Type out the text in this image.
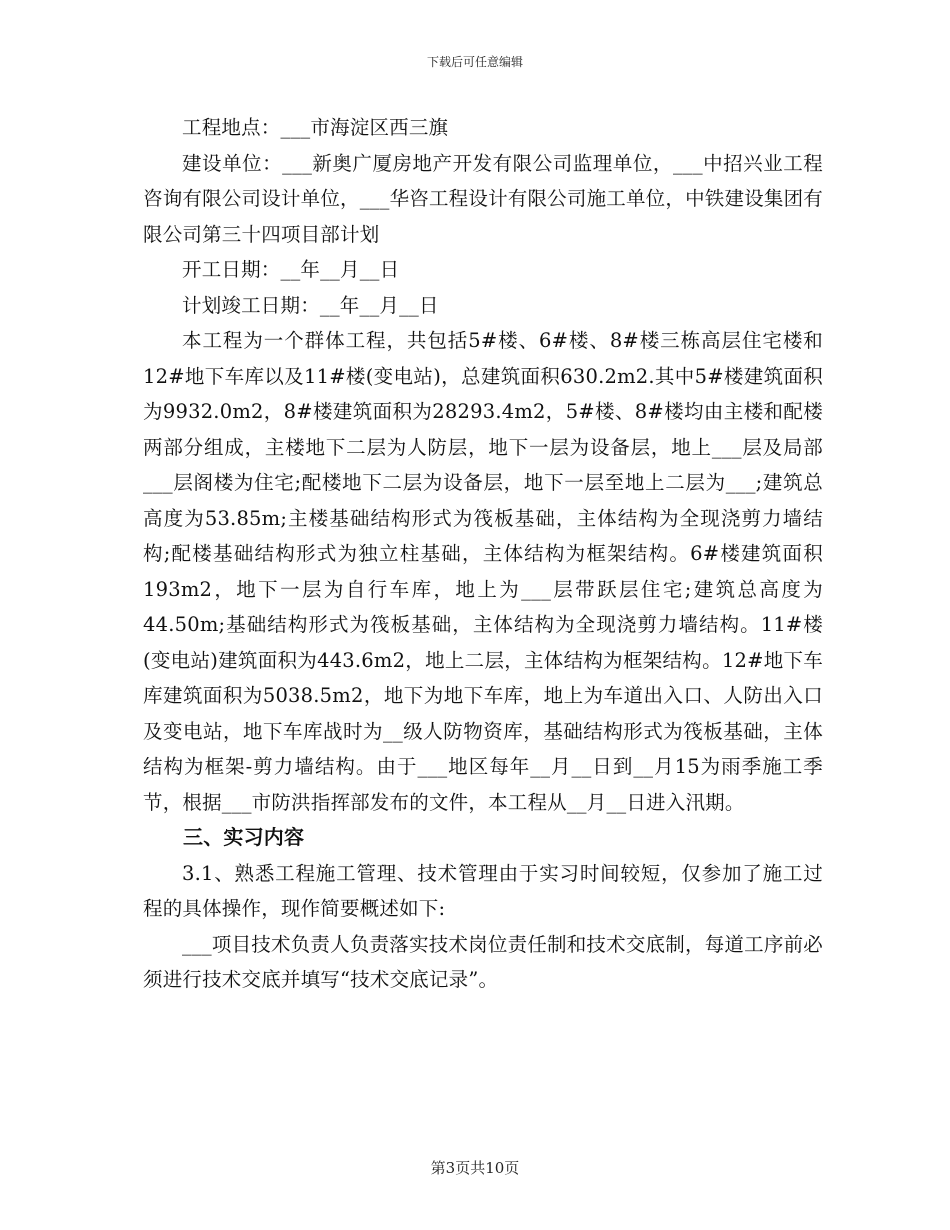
下载后可任意编辑

工程地点：___市海淀区西三旗

建设单位：___新奥广厦房地产开发有限公司监理单位，___中招兴业工程咨询有限公司设计单位，___华咨工程设计有限公司施工单位，中铁建设集团有限公司第三十四项目部计划

开工日期：__年__月__日

计划竣工日期：__年__月__日

本工程为一个群体工程，共包括5#楼、6#楼、8#楼三栋高层住宅楼和12#地下车库以及11#楼(变电站)，总建筑面积630.2m2.其中5#楼建筑面积为9932.0m2，8#楼建筑面积为28293.4m2，5#楼、8#楼均由主楼和配楼两部分组成，主楼地下二层为人防层，地下一层为设备层，地上___层及局部___层阁楼为住宅;配楼地下二层为设备层，地下一层至地上二层为___;建筑总高度为53.85m;主楼基础结构形式为筏板基础，主体结构为全现浇剪力墙结构;配楼基础结构形式为独立柱基础，主体结构为框架结构。6#楼建筑面积193m2，地下一层为自行车库，地上为___层带跃层住宅;建筑总高度为44.50m;基础结构形式为筏板基础，主体结构为全现浇剪力墙结构。11#楼(变电站)建筑面积为443.6m2，地上二层，主体结构为框架结构。12#地下车库建筑面积为5038.5m2，地下为地下车库，地上为车道出入口、人防出入口及变电站，地下车库战时为__级人防物资库，基础结构形式为筏板基础，主体结构为框架-剪力墙结构。由于___地区每年__月__日到__月15为雨季施工季节，根据___市防洪指挥部发布的文件，本工程从__月__日进入汛期。

三、实习内容

3.1、熟悉工程施工管理、技术管理由于实习时间较短，仅参加了施工过程的具体操作，现作简要概述如下:

___项目技术负责人负责落实技术岗位责任制和技术交底制，每道工序前必须进行技术交底并填写“技术交底记录”。

第3页共10页
